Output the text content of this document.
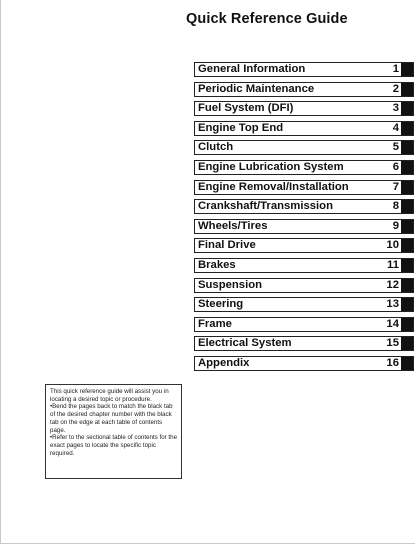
Quick Reference Guide
General Information	1
Periodic Maintenance	2
Fuel System (DFI)	3
Engine Top End	4
Clutch	5
Engine Lubrication System	6
Engine Removal/Installation	7
Crankshaft/Transmission	8
Wheels/Tires	9
Final Drive	10
Brakes	11
Suspension	12
Steering	13
Frame	14
Electrical System	15
Appendix	16

This quick reference guide will assist you in locating a desired topic or procedure.

•Bend the pages back to match the black tab of the desired chapter number with the black tab on the edge at each table of contents page.

•Refer to the sectional table of contents for the exact pages to locate the specific topic required.
